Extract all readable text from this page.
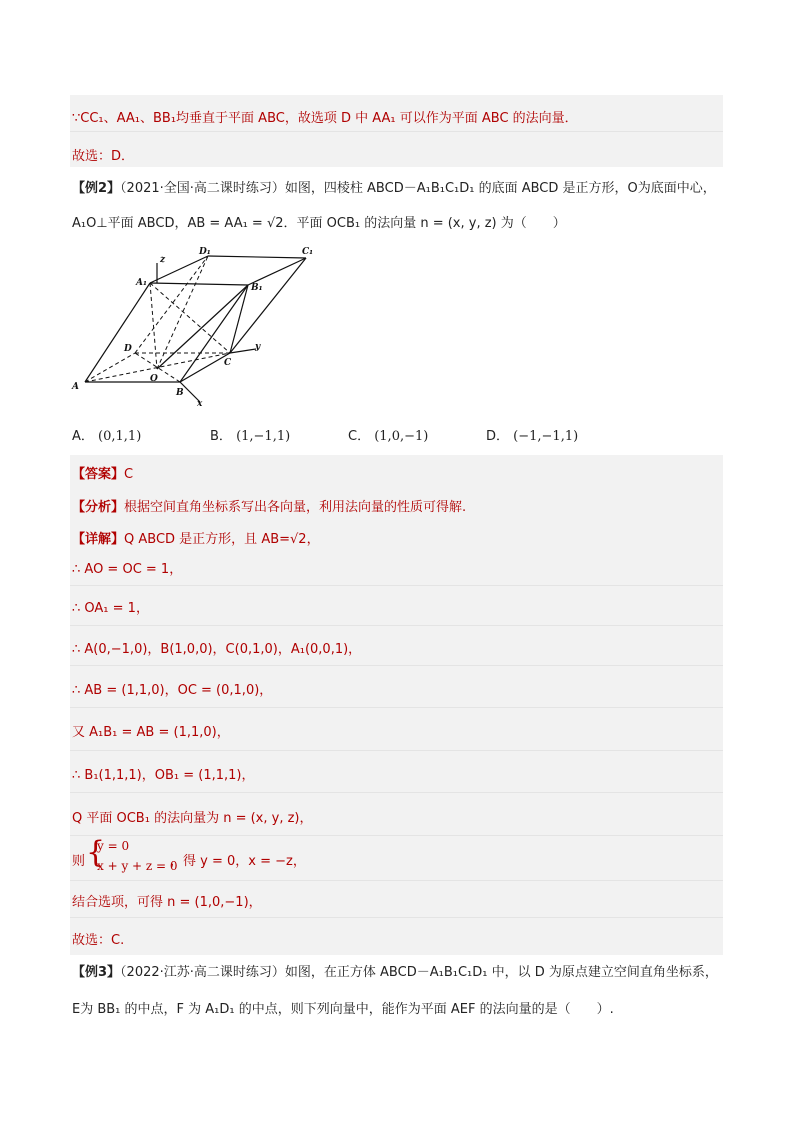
∵CC₁、AA₁、BB₁均垂直于平面 ABC，故选项 D 中 AA₁ 可以作为平面 ABC 的法向量．
故选：D．
【例2】（2021·全国·高二课时练习）如图，四棱柱 ABCD－A₁B₁C₁D₁ 的底面 ABCD 是正方形，O为底面中心，
A₁O⊥平面 ABCD，AB = AA₁ = √2．平面 OCB₁ 的法向量 n = (x, y, z) 为（　　）
z
D₁	C₁
A₁	B₁
D	y
C
O
A
B
x
A． (0,1,1)	B． (1,−1,1)	C． (1,0,−1)	D． (−1,−1,1)
【答案】C
【分析】根据空间直角坐标系写出各向量，利用法向量的性质可得解.
【详解】Q ABCD 是正方形，且 AB=√2，
∴ AO = OC = 1，
∴ OA₁ = 1，
∴ A(0,−1,0)，B(1,0,0)，C(0,1,0)，A₁(0,0,1)，
∴ AB = (1,1,0)，OC = (0,1,0)，
又 A₁B₁ = AB = (1,1,0)，
∴ B₁(1,1,1)，OB₁ = (1,1,1)，
Q 平面 OCB₁ 的法向量为 n = (x, y, z)，
则 {
y = 0
x + y + z = 0
，得 y = 0，x = −z，
结合选项，可得 n = (1,0,−1)，
故选：C.
【例3】（2022·江苏·高二课时练习）如图，在正方体 ABCD－A₁B₁C₁D₁ 中，以 D 为原点建立空间直角坐标系，
E为 BB₁ 的中点，F 为 A₁D₁ 的中点，则下列向量中，能作为平面 AEF 的法向量的是（　　）.
